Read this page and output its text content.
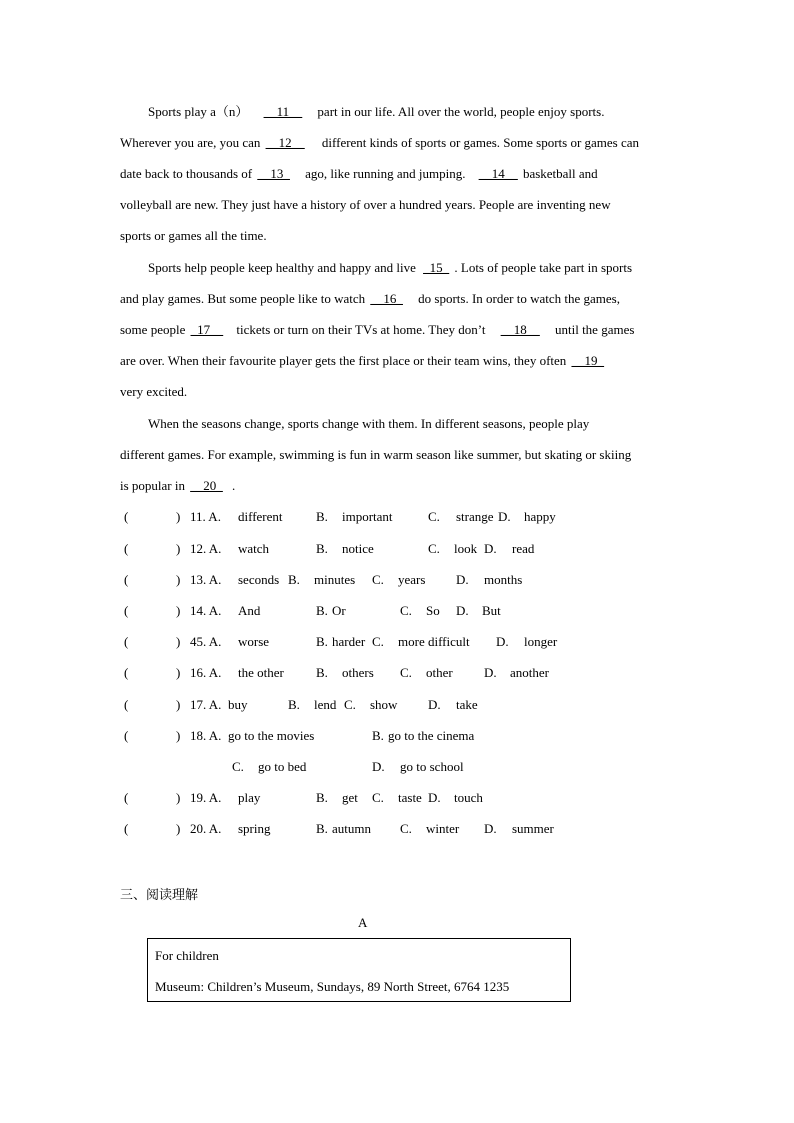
Sports play a（n） __11__ part in our life. All over the world, people enjoy sports.
Wherever you are, you can __12__ different kinds of sports or games. Some sports or games can
date back to thousands of __13_ ago, like running and jumping. __14__ basketball and
volleyball are new. They just have a history of over a hundred years. People are inventing new
sports or games all the time.
Sports help people keep healthy and happy and live _15_ . Lots of people take part in sports
and play games. But some people like to watch __16_ do sports. In order to watch the games,
some people _17__ tickets or turn on their TVs at home. They don’t __18__ until the games
are over. When their favourite player gets the first place or their team wins, they often __19_
very excited.
When the seasons change, sports change with them. In different seasons, people play
different games. For example, swimming is fun in warm season like summer, but skating or skiing
is popular in __20_ .
(	) 11. A. different	B. important	C. strange D. happy
(	) 12. A. watch	B. notice	C. look D. read
(	) 13. A. seconds B. minutes C. years D. months
(	) 14. A. And	B. Or	C. So D. But
(	) 45. A. worse	B. harder C. more difficult D. longer
(	) 16. A. the other B. others C. other D. another
(	) 17. A. buy	B. lend C. show D. take
(	) 18. A. go to the movies	B. go to the cinema
C. go to bed	D. go to school
(	) 19. A. play	B. get C. taste D. touch
(	) 20. A. spring	B. autumn C. winter D. summer
三、阅读理解
A
For children
Museum: Children’s Museum, Sundays, 89 North Street, 6764 1235
